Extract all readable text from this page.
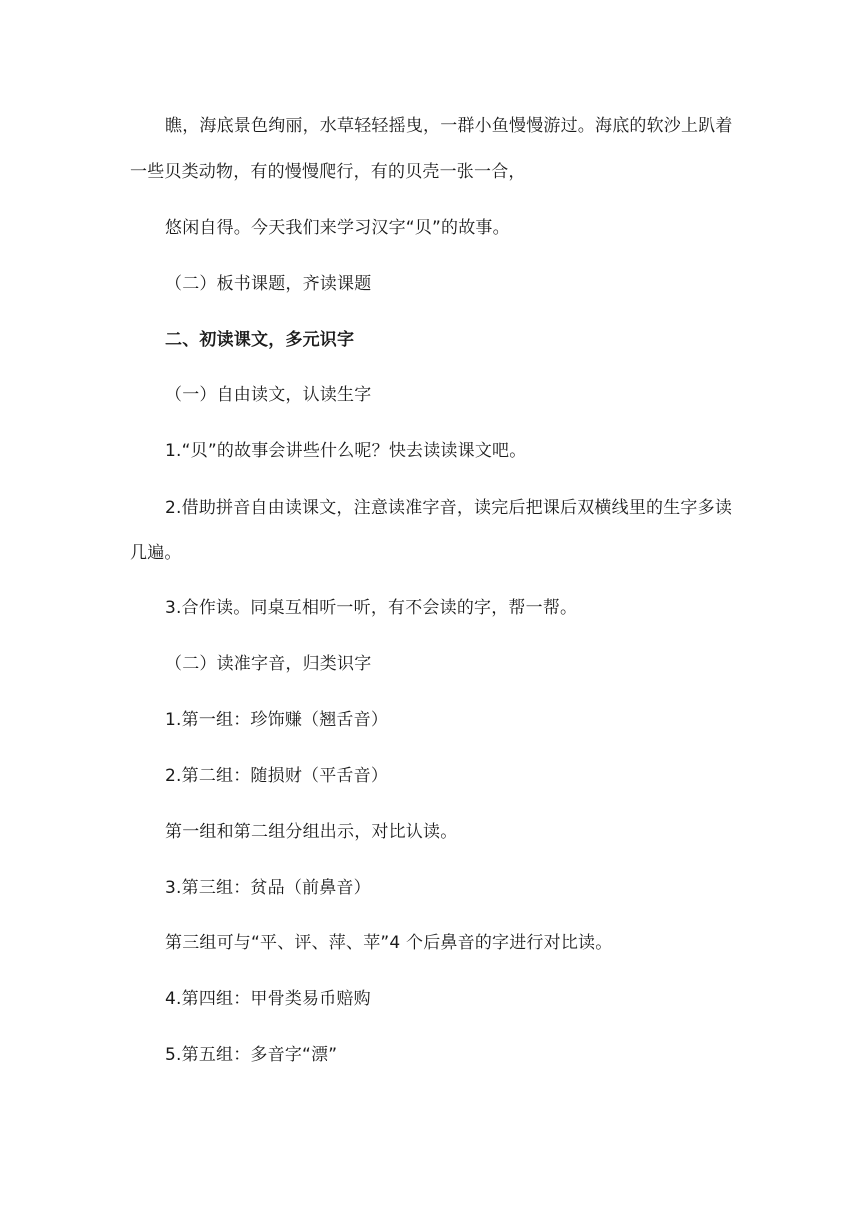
瞧，海底景色绚丽，水草轻轻摇曳，一群小鱼慢慢游过。海底的软沙上趴着
一些贝类动物，有的慢慢爬行，有的贝壳一张一合，
悠闲自得。今天我们来学习汉字“贝”的故事。
（二）板书课题，齐读课题
二、初读课文，多元识字
（一）自由读文，认读生字
1.“贝”的故事会讲些什么呢？快去读读课文吧。
2.借助拼音自由读课文，注意读准字音，读完后把课后双横线里的生字多读
几遍。
3.合作读。同桌互相听一听，有不会读的字，帮一帮。
（二）读准字音，归类识字
1.第一组：珍饰赚（翘舌音）
2.第二组：随损财（平舌音）
第一组和第二组分组出示，对比认读。
3.第三组：贫品（前鼻音）
第三组可与“平、评、萍、苹”4 个后鼻音的字进行对比读。
4.第四组：甲骨类易币赔购
5.第五组：多音字“漂”
